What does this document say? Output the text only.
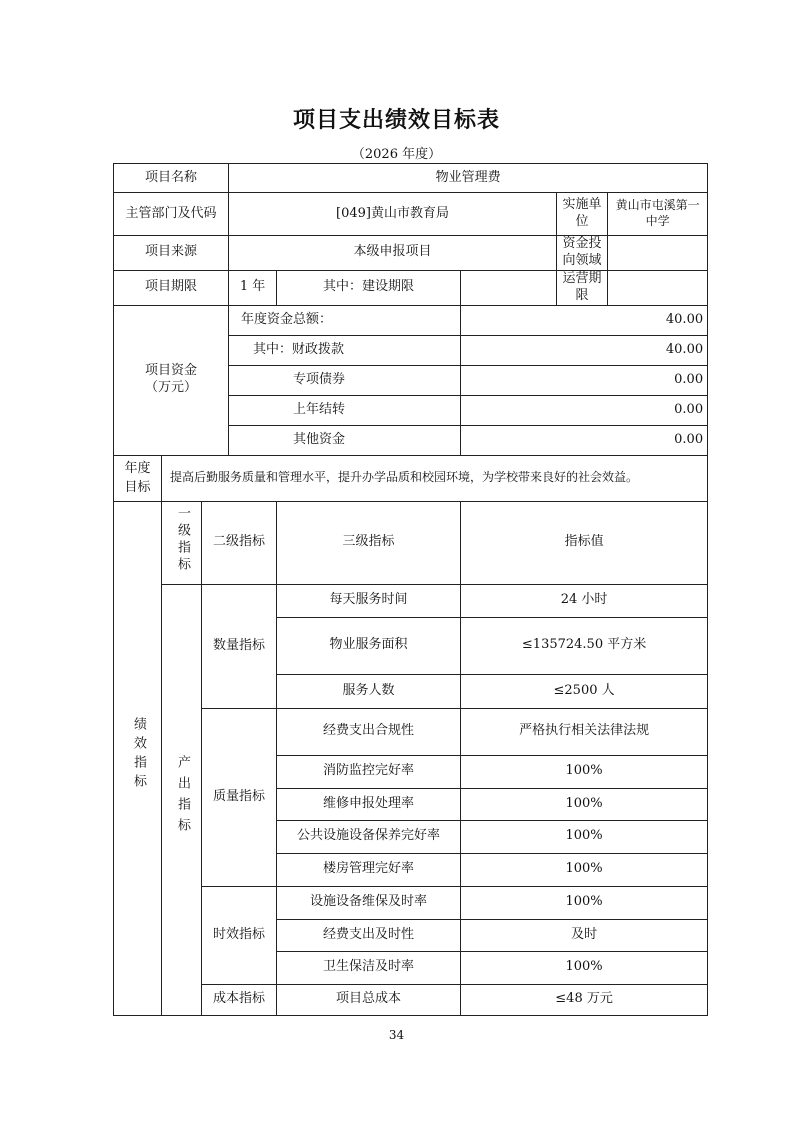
项目支出绩效目标表
（2026 年度）
项目名称			物业管理费				
主管部门及代码			[049]黄山市教育局			实施单位	黄山市屯溪第一中学
项目来源			本级申报项目			资金投向领域	
项目期限			1 年	其中：建设期限		运营期限	

项目资金
（万元）			年度资金总额：		40.00		
			其中：财政拨款		40.00		
			专项债券		0.00		
			上年结转		0.00		
			其他资金		0.00		

年度目标	提高后勤服务质量和管理水平，提升办学品质和校园环境，为学校带来良好的社会效益。						
绩效指标	一级指标	二级指标		三级指标	指标值		
	产出指标	数量指标		每天服务时间	24 小时		
				物业服务面积	≤135724.50 平方米		
				服务人数	≤2500 人		
		质量指标		经费支出合规性	严格执行相关法律法规		
				消防监控完好率	100%		
				维修申报处理率	100%		
				公共设施设备保养完好率	100%		
				楼房管理完好率	100%		
		时效指标		设施设备维保及时率	100%		
				经费支出及时性	及时		
				卫生保洁及时率	100%		
		成本指标		项目总成本	≤48 万元		
34
